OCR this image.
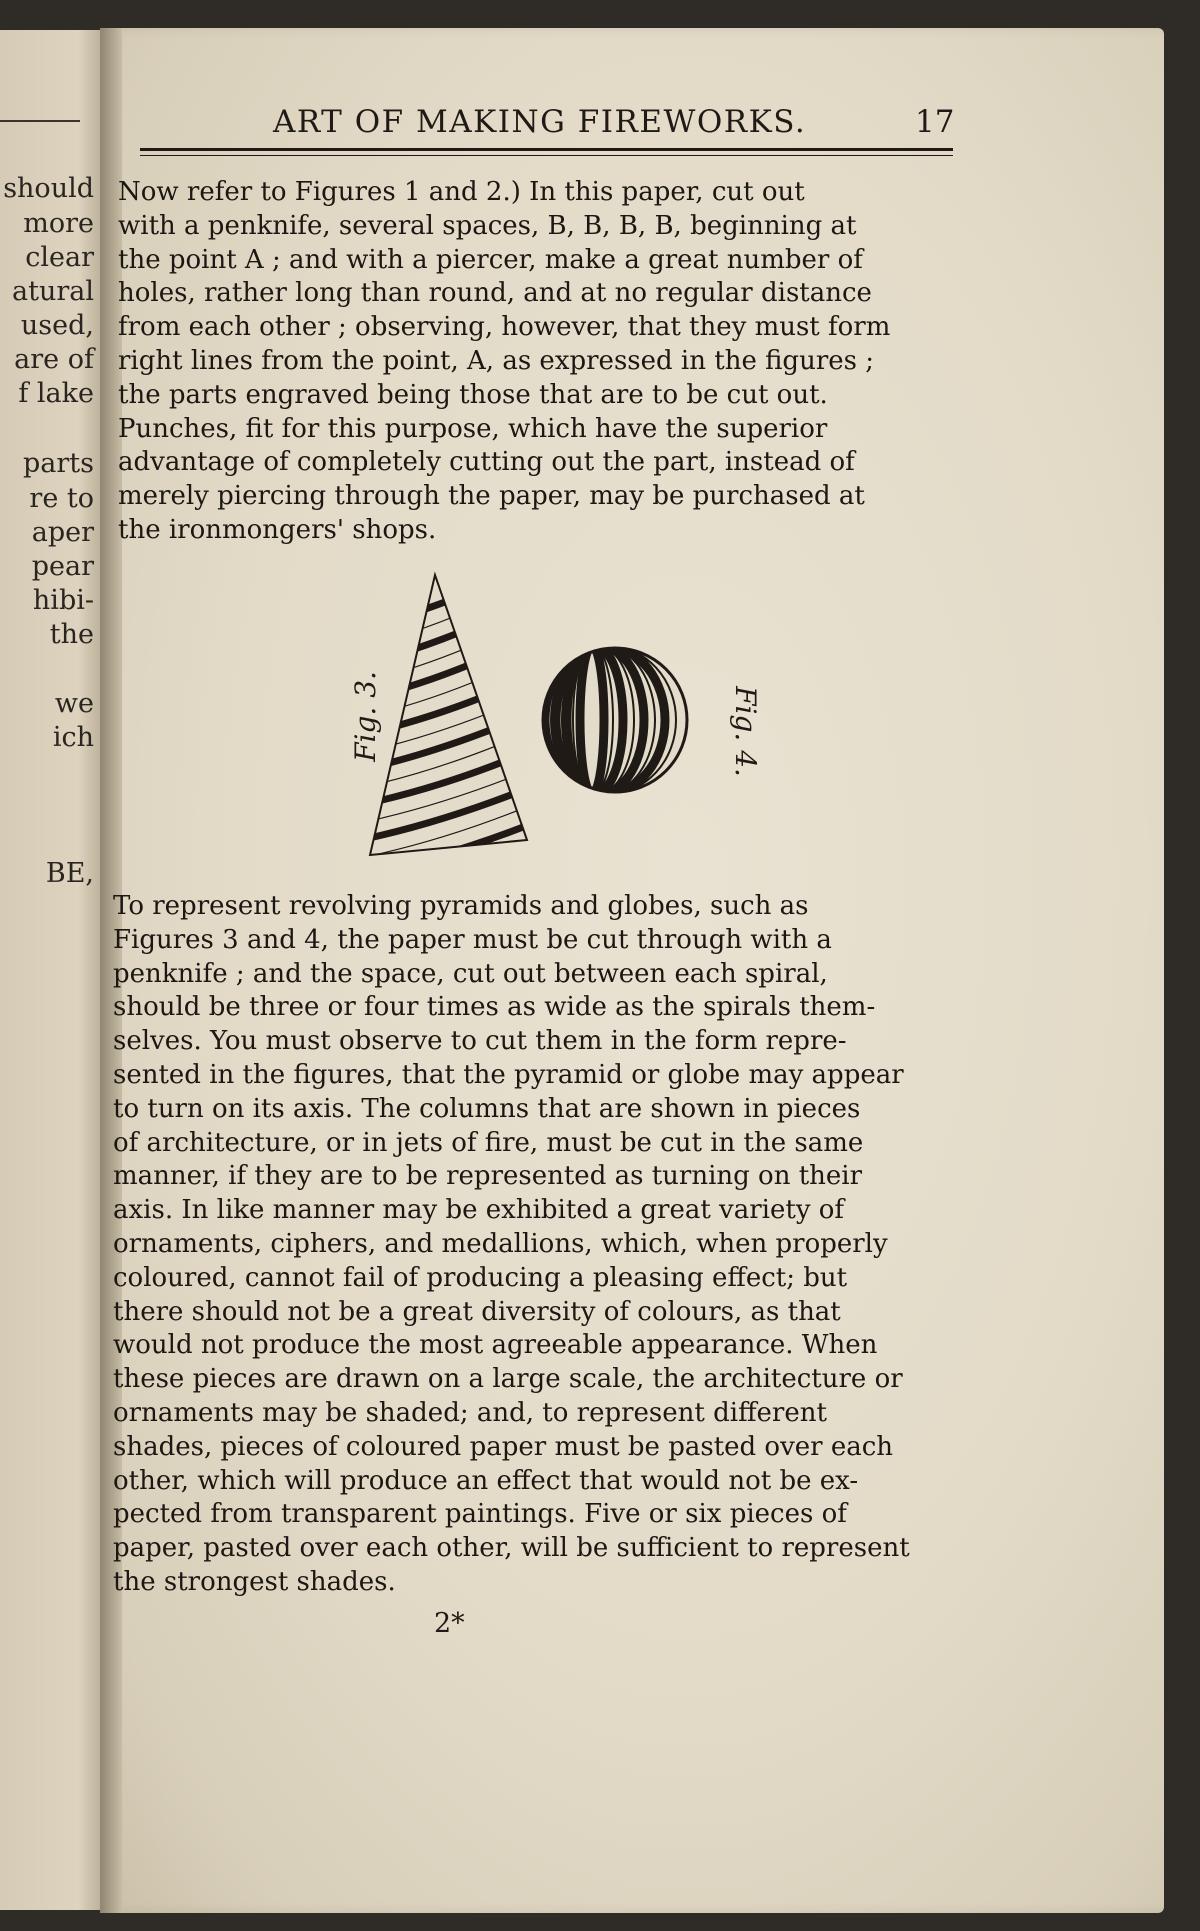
should
more
clear
atural
used,
are of
f lake
parts
re to
aper
pear
hibi-
the
we
ich
BE,
ART OF MAKING FIREWORKS.	17

Now refer to Figures 1 and 2.) In this paper, cut out
with a penknife, several spaces, B, B, B, B, beginning at
the point A ; and with a piercer, make a great number of
holes, rather long than round, and at no regular distance
from each other ; observing, however, that they must form
right lines from the point, A, as expressed in the figures ;
the parts engraved being those that are to be cut out.
Punches, fit for this purpose, which have the superior
advantage of completely cutting out the part, instead of
merely piercing through the paper, may be purchased at
the ironmongers' shops.

Fig. 3.	Fig. 4.

To represent revolving pyramids and globes, such as
Figures 3 and 4, the paper must be cut through with a
penknife ; and the space, cut out between each spiral,
should be three or four times as wide as the spirals them-
selves. You must observe to cut them in the form repre-
sented in the figures, that the pyramid or globe may appear
to turn on its axis. The columns that are shown in pieces
of architecture, or in jets of fire, must be cut in the same
manner, if they are to be represented as turning on their
axis. In like manner may be exhibited a great variety of
ornaments, ciphers, and medallions, which, when properly
coloured, cannot fail of producing a pleasing effect; but
there should not be a great diversity of colours, as that
would not produce the most agreeable appearance. When
these pieces are drawn on a large scale, the architecture or
ornaments may be shaded; and, to represent different
shades, pieces of coloured paper must be pasted over each
other, which will produce an effect that would not be ex-
pected from transparent paintings. Five or six pieces of
paper, pasted over each other, will be sufficient to represent
the strongest shades.

2*
